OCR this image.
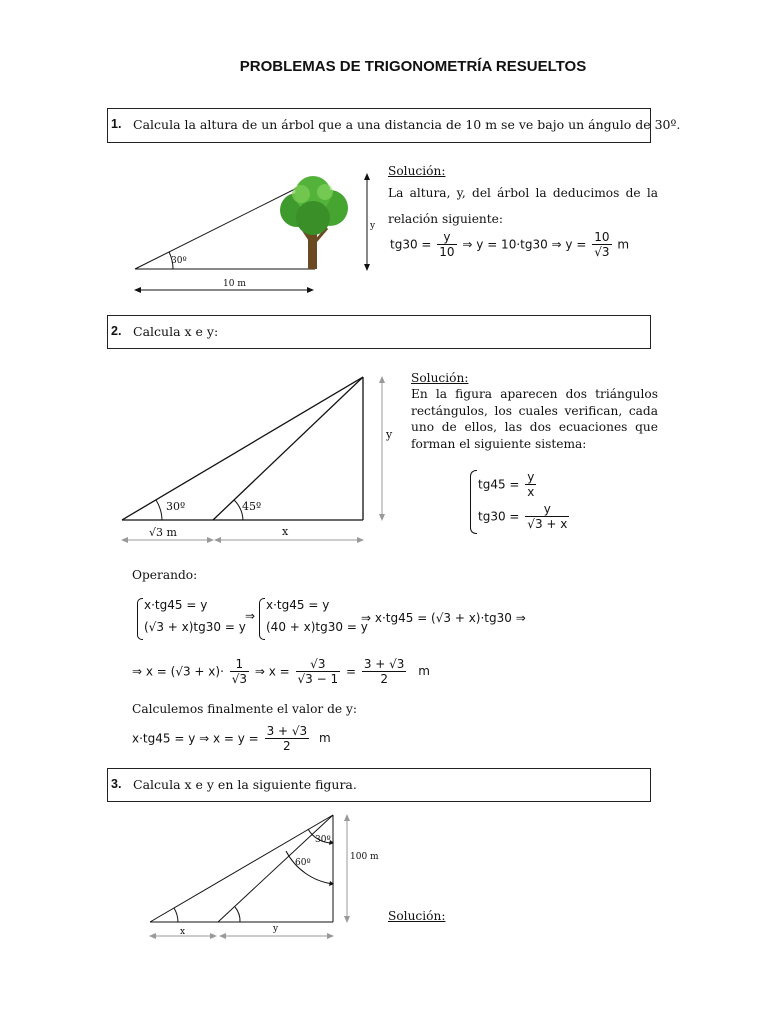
PROBLEMAS DE TRIGONOMETRÍA RESUELTOS
1. Calcula la altura de un árbol que a una distancia de 10 m se ve bajo un ángulo de 30º.
y
30º
10 m
Solución:
La altura, y, del árbol la deducimos de la relación siguiente:
$tg30 = \frac{y}{10}$ ⇒ y = 10·tg30 ⇒ $y = \frac{10}{√3}$ m
2. Calcula x e y:
30º	45º
y
√3 m	x
Solución:
En la figura aparecen dos triángulos rectángulos, los cuales verifican, cada uno de ellos, las dos ecuaciones que forman el siguiente sistema:
$tg45 = \frac{y}{x}$
$tg30 = \frac{y}{√3 + x}$
Operando:
x·tg45 = y
(√3 + x)tg30 = y
⇒
x·tg45 = y
(40 + x)tg30 = y
⇒ x·tg45 = (√3 + x)·tg30 ⇒
⇒ $x = (√3 + x)\cdot \frac{1}{√3}$ ⇒ $x = \frac{√3}{√3 - 1} = \frac{3 + √3}{2}$ m
Calculemos finalmente el valor de y:
x·tg45 = y ⇒ $x = y = \frac{3 + √3}{2}$ m
3. Calcula x e y en la siguiente figura.
30º
60º
100 m
x	y
Solución:
